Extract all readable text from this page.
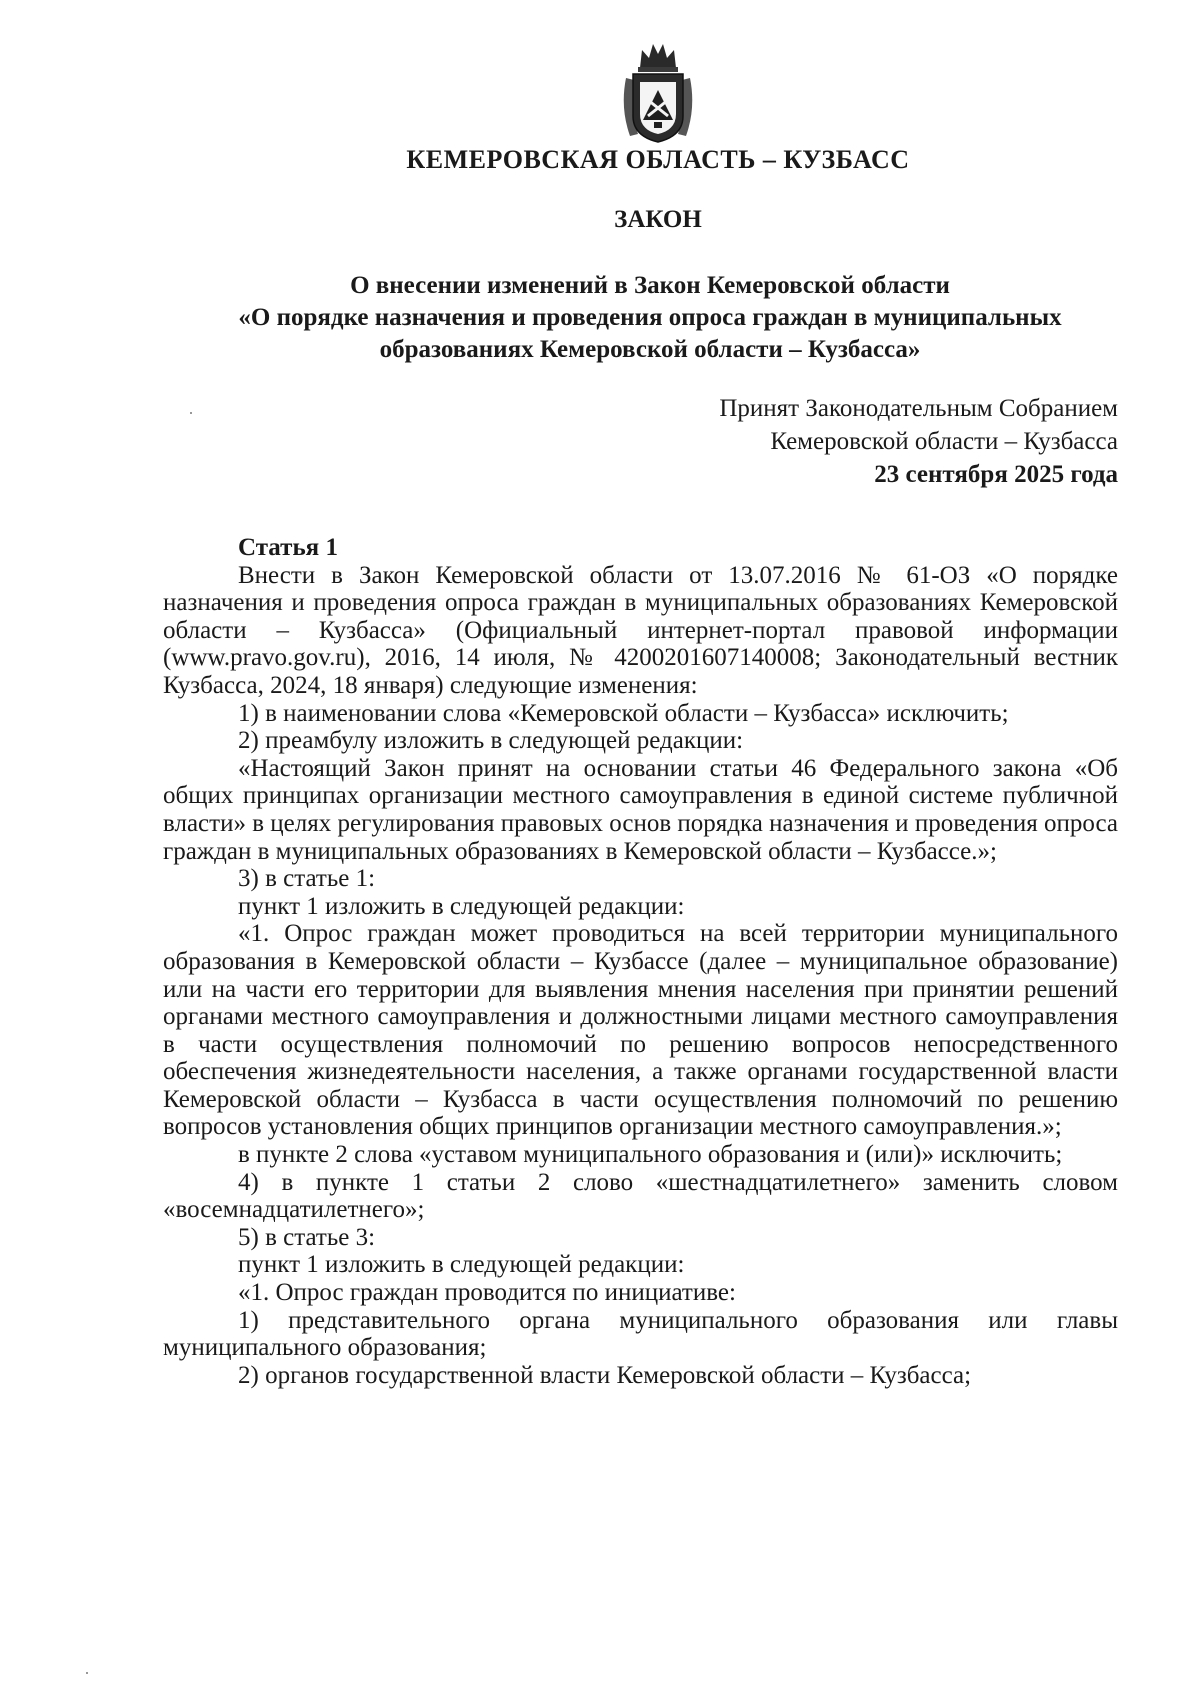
КЕМЕРОВСКАЯ ОБЛАСТЬ – КУЗБАСС
ЗАКОН
О внесении изменений в Закон Кемеровской области
«О порядке назначения и проведения опроса граждан в муниципальных
образованиях Кемеровской области – Кузбасса»
Принят Законодательным Собранием
Кемеровской области – Кузбасса
23 сентября 2025 года

Статья 1

Внести в Закон Кемеровской области от 13.07.2016 № 61-ОЗ «О порядке назначения и проведения опроса граждан в муниципальных образованиях Кемеровской области – Кузбасса» (Официальный интернет-портал правовой информации (www.pravo.gov.ru), 2016, 14 июля, № 4200201607140008; Законодательный вестник Кузбасса, 2024, 18 января) следующие изменения:

1) в наименовании слова «Кемеровской области – Кузбасса» исключить;

2) преамбулу изложить в следующей редакции:

«Настоящий Закон принят на основании статьи 46 Федерального закона «Об общих принципах организации местного самоуправления в единой системе публичной власти» в целях регулирования правовых основ порядка назначения и проведения опроса граждан в муниципальных образованиях в Кемеровской области – Кузбассе.»;

3) в статье 1:

пункт 1 изложить в следующей редакции:

«1. Опрос граждан может проводиться на всей территории муниципального образования в Кемеровской области – Кузбассе (далее – муниципальное образование) или на части его территории для выявления мнения населения при принятии решений органами местного самоуправления и должностными лицами местного самоуправления в части осуществления полномочий по решению вопросов непосредственного обеспечения жизнедеятельности населения, а также органами государственной власти Кемеровской области – Кузбасса в части осуществления полномочий по решению вопросов установления общих принципов организации местного самоуправления.»;

в пункте 2 слова «уставом муниципального образования и (или)» исключить;

4) в пункте 1 статьи 2 слово «шестнадцатилетнего» заменить словом «восемнадцатилетнего»;

5) в статье 3:

пункт 1 изложить в следующей редакции:

«1. Опрос граждан проводится по инициативе:

1) представительного органа муниципального образования или главы муниципального образования;

2) органов государственной власти Кемеровской области – Кузбасса;
